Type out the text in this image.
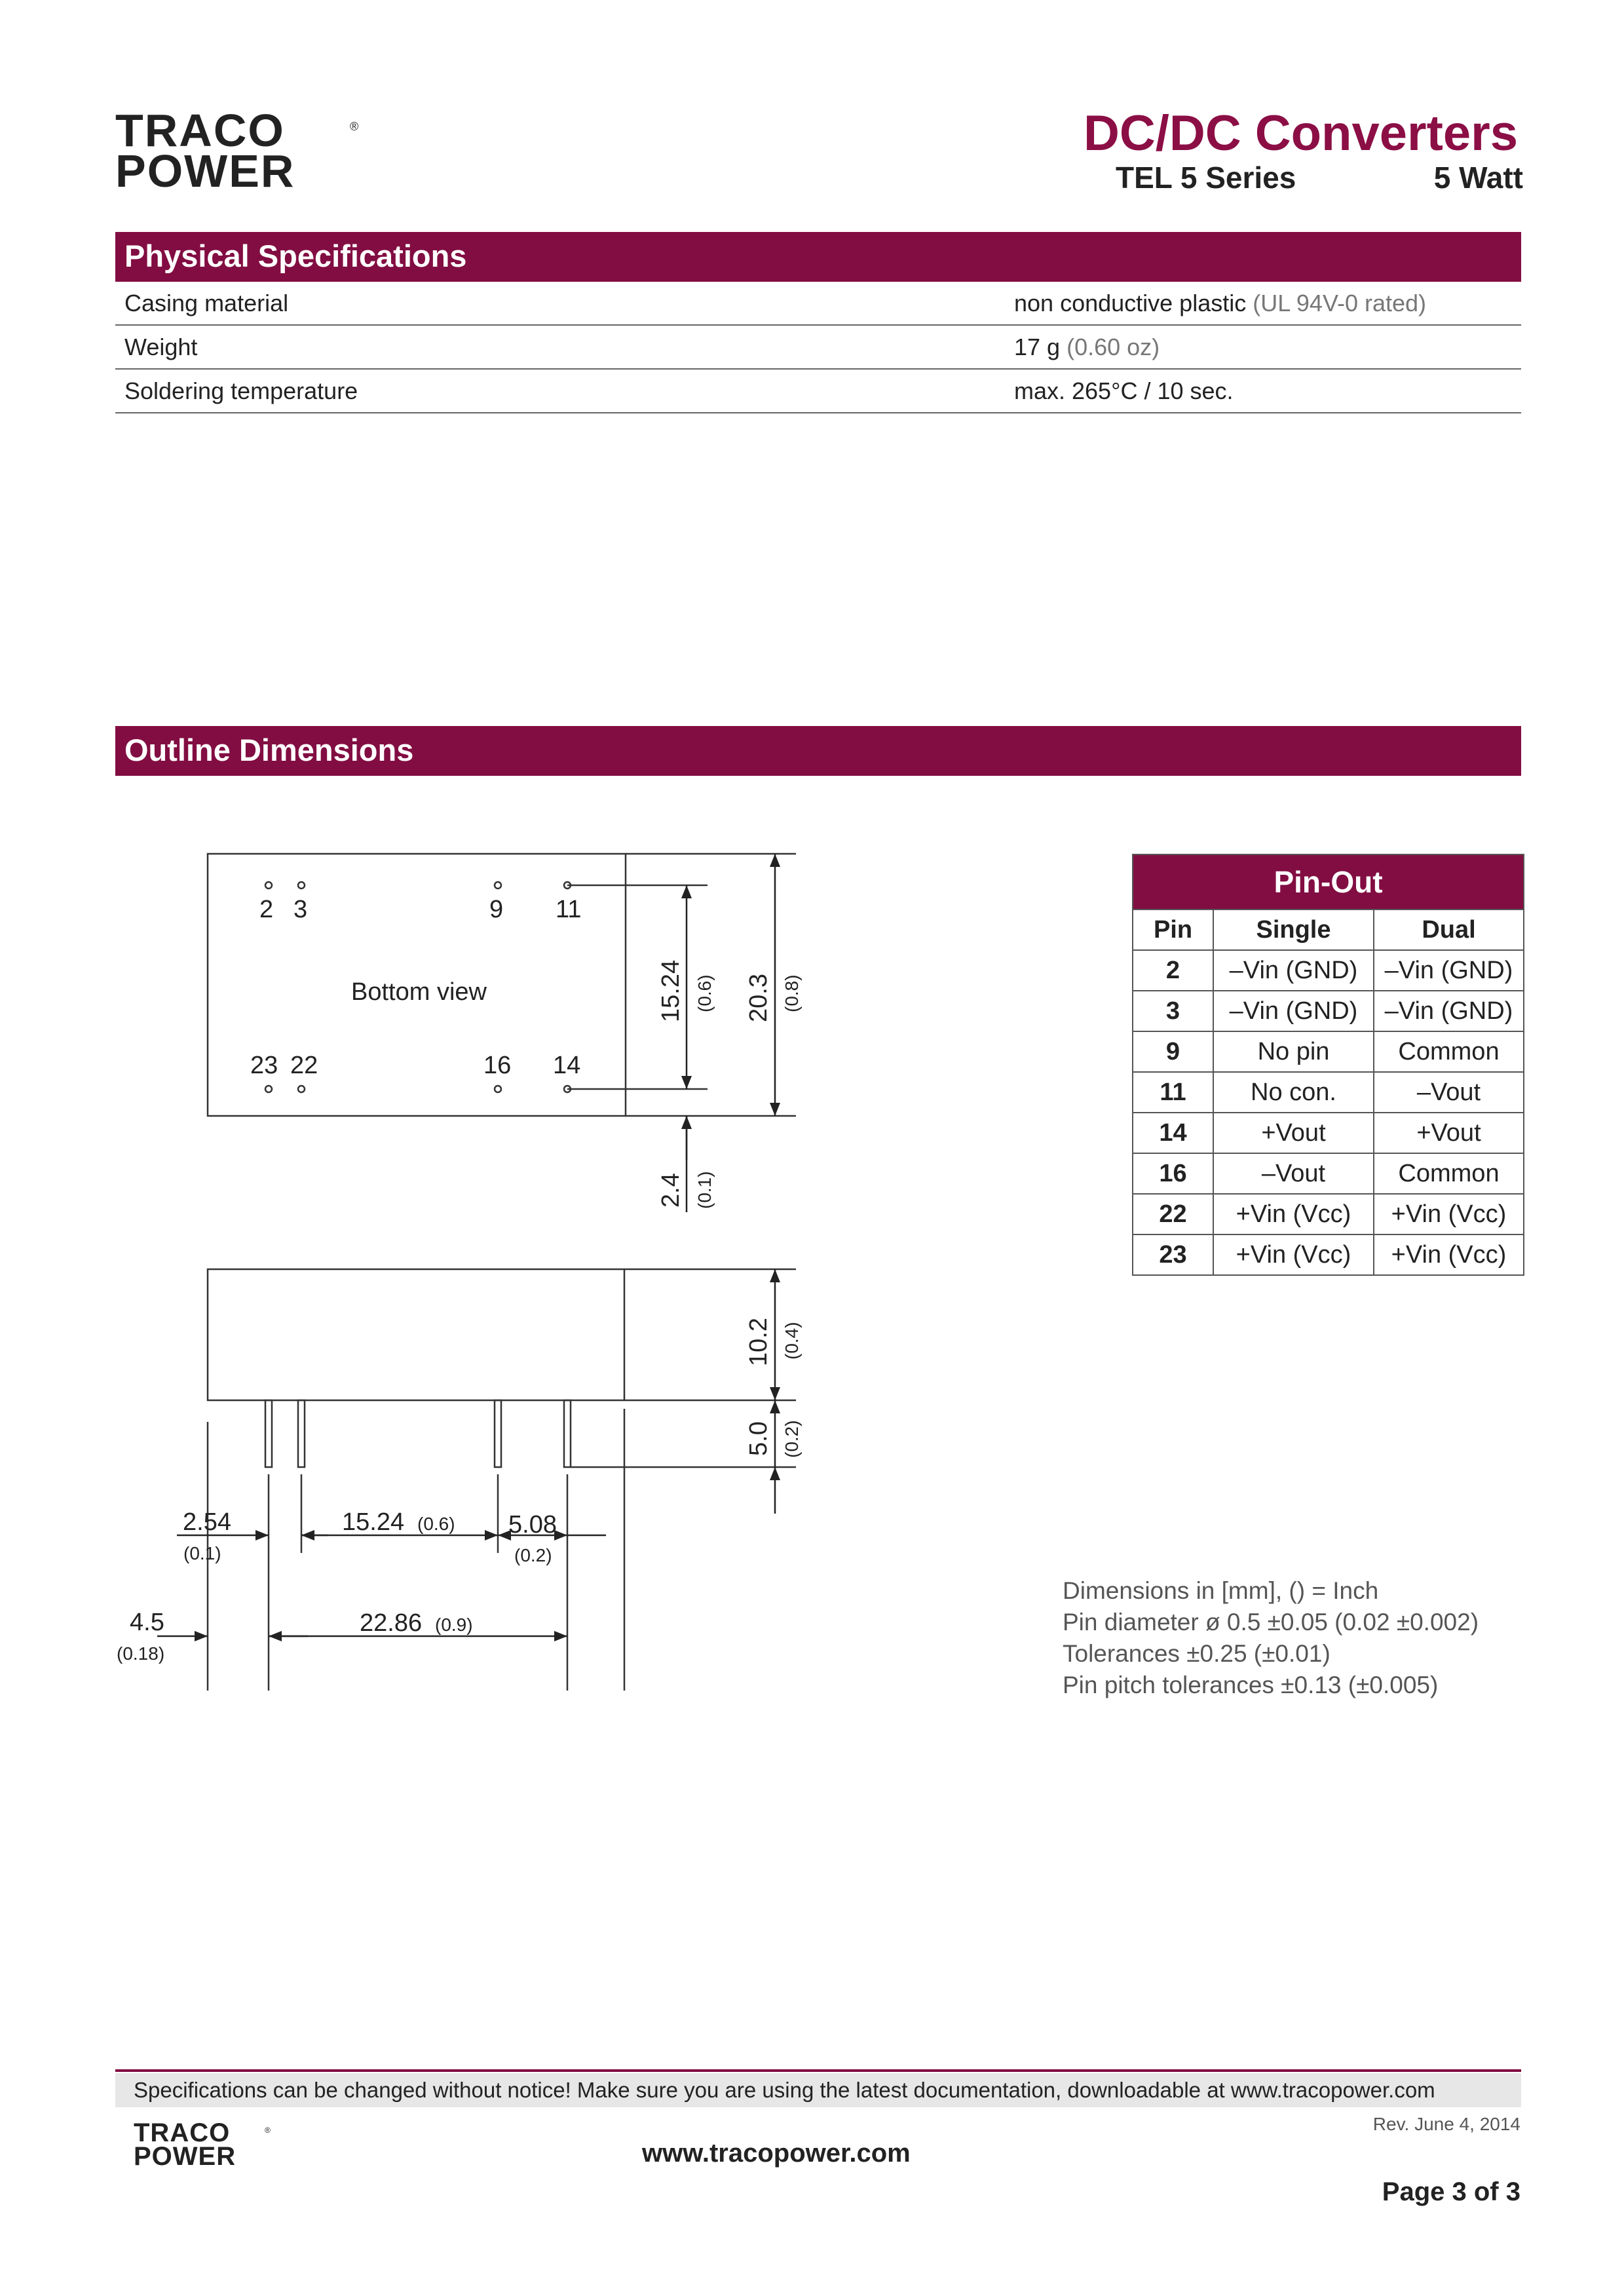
TRACO
POWER
®	DC/DC Converters
TEL 5 Series	5 Watt
Physical Specifications
Casing material	non conductive plastic (UL 94V-0 rated)
Weight	17 g (0.60 oz)
Soldering temperature	max. 265°C / 10 sec.
Outline Dimensions
2 3	9 11
23 22	16 14
Bottom view	15.24 (0.6) 20.3 (0.8)
2.4 (0.1)
10.2 (0.4)
5.0 (0.2)
2.54
(0.1)
15.24 (0.6) 5.08
(0.2)
4.5
(0.18)
22.86 (0.9)
Pin-Out		
Pin	Single	Dual
2	–Vin (GND)	–Vin (GND)
3	–Vin (GND)	–Vin (GND)
9	No pin	Common
11	No con.	–Vout
14	+Vout	+Vout
16	–Vout	Common
22	+Vin (Vcc)	+Vin (Vcc)
23	+Vin (Vcc)	+Vin (Vcc)
Dimensions in [mm], () = Inch
Pin diameter ø 0.5 ±0.05 (0.02 ±0.002)
Tolerances ±0.25 (±0.01)
Pin pitch tolerances ±0.13 (±0.005)
Specifications can be changed without notice! Make sure you are using the latest documentation, downloadable at www.tracopower.com
TRACO
POWER
®
www.tracopower.com
Rev. June 4, 2014
Page 3 of 3
